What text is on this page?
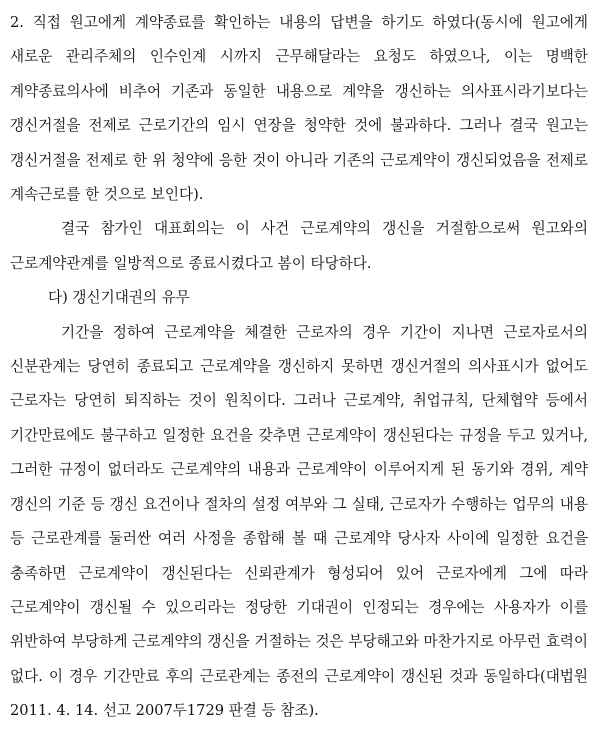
2. 직접 원고에게 계약종료를 확인하는 내용의 답변을 하기도 하였다(동시에 원고에게 새로운 관리주체의 인수인계 시까지 근무해달라는 요청도 하였으나, 이는 명백한 계약종료의사에 비추어 기존과 동일한 내용으로 계약을 갱신하는 의사표시라기보다는 갱신거절을 전제로 근로기간의 임시 연장을 청약한 것에 불과하다. 그러나 결국 원고는 갱신거절을 전제로 한 위 청약에 응한 것이 아니라 기존의 근로계약이 갱신되었음을 전제로 계속근로를 한 것으로 보인다).

결국 참가인 대표회의는 이 사건 근로계약의 갱신을 거절함으로써 원고와의 근로계약관계를 일방적으로 종료시켰다고 봄이 타당하다.

다) 갱신기대권의 유무

기간을 정하여 근로계약을 체결한 근로자의 경우 기간이 지나면 근로자로서의 신분관계는 당연히 종료되고 근로계약을 갱신하지 못하면 갱신거절의 의사표시가 없어도 근로자는 당연히 퇴직하는 것이 원칙이다. 그러나 근로계약, 취업규칙, 단체협약 등에서 기간만료에도 불구하고 일정한 요건을 갖추면 근로계약이 갱신된다는 규정을 두고 있거나, 그러한 규정이 없더라도 근로계약의 내용과 근로계약이 이루어지게 된 동기와 경위, 계약 갱신의 기준 등 갱신 요건이나 절차의 설정 여부와 그 실태, 근로자가 수행하는 업무의 내용 등 근로관계를 둘러싼 여러 사정을 종합해 볼 때 근로계약 당사자 사이에 일정한 요건을 충족하면 근로계약이 갱신된다는 신뢰관계가 형성되어 있어 근로자에게 그에 따라 근로계약이 갱신될 수 있으리라는 정당한 기대권이 인정되는 경우에는 사용자가 이를 위반하여 부당하게 근로계약의 갱신을 거절하는 것은 부당해고와 마찬가지로 아무런 효력이 없다. 이 경우 기간만료 후의 근로관계는 종전의 근로계약이 갱신된 것과 동일하다(대법원 2011. 4. 14. 선고 2007두1729 판결 등 참조).
